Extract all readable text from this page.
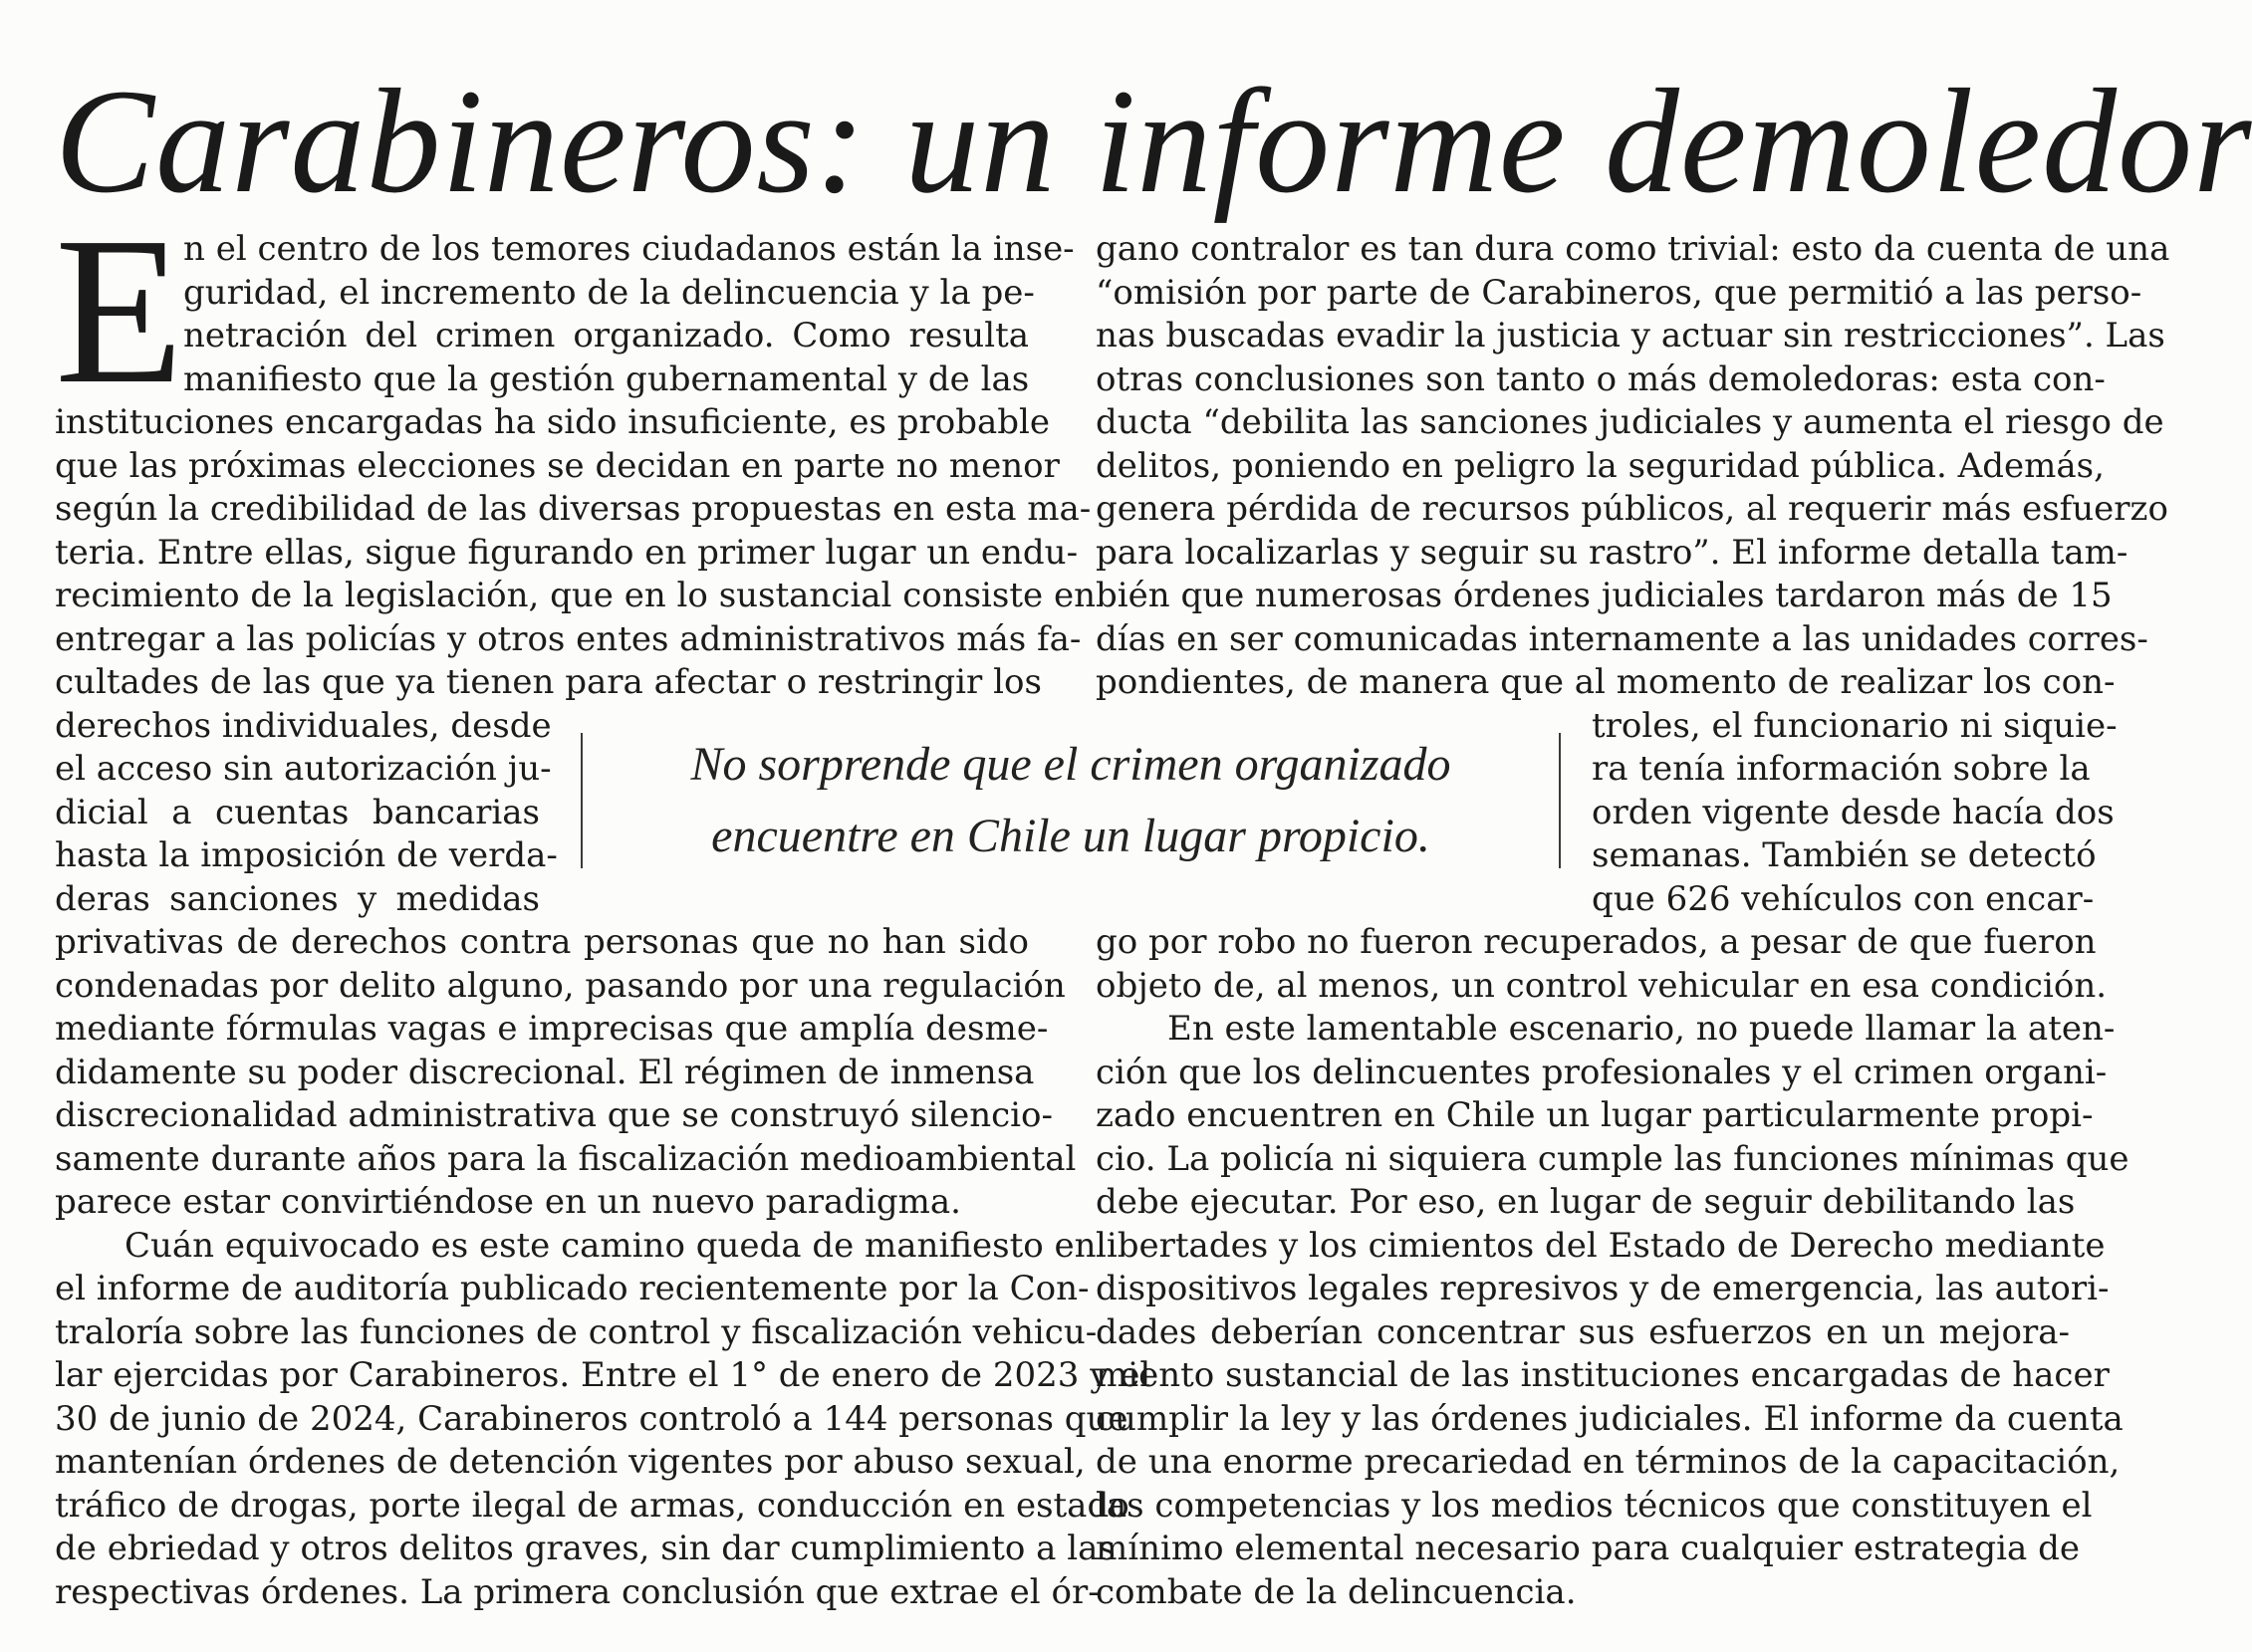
Carabineros: un informe demoledor
E
No sorprende que el crimen organizado
encuentre en Chile un lugar propicio.

n el centro de los temores ciudadanos están la inse-

guridad, el incremento de la delincuencia y la pe-

netración del crimen organizado. Como resulta

manifiesto que la gestión gubernamental y de las

instituciones encargadas ha sido insuficiente, es probable

que las próximas elecciones se decidan en parte no menor

según la credibilidad de las diversas propuestas en esta ma-

teria. Entre ellas, sigue figurando en primer lugar un endu-

recimiento de la legislación, que en lo sustancial consiste en

entregar a las policías y otros entes administrativos más fa-

cultades de las que ya tienen para afectar o restringir los

derechos individuales, desde

el acceso sin autorización ju-

dicial a cuentas bancarias

hasta la imposición de verda-

deras sanciones y medidas

privativas de derechos contra personas que no han sido

condenadas por delito alguno, pasando por una regulación

mediante fórmulas vagas e imprecisas que amplía desme-

didamente su poder discrecional. El régimen de inmensa

discrecionalidad administrativa que se construyó silencio-

samente durante años para la fiscalización medioambiental

parece estar convirtiéndose en un nuevo paradigma.

Cuán equivocado es este camino queda de manifiesto en

el informe de auditoría publicado recientemente por la Con-

traloría sobre las funciones de control y fiscalización vehicu-

lar ejercidas por Carabineros. Entre el 1° de enero de 2023 y el

30 de junio de 2024, Carabineros controló a 144 personas que

mantenían órdenes de detención vigentes por abuso sexual,

tráfico de drogas, porte ilegal de armas, conducción en estado

de ebriedad y otros delitos graves, sin dar cumplimiento a las

respectivas órdenes. La primera conclusión que extrae el ór-

gano contralor es tan dura como trivial: esto da cuenta de una

“omisión por parte de Carabineros, que permitió a las perso-

nas buscadas evadir la justicia y actuar sin restricciones”. Las

otras conclusiones son tanto o más demoledoras: esta con-

ducta “debilita las sanciones judiciales y aumenta el riesgo de

delitos, poniendo en peligro la seguridad pública. Además,

genera pérdida de recursos públicos, al requerir más esfuerzo

para localizarlas y seguir su rastro”. El informe detalla tam-

bién que numerosas órdenes judiciales tardaron más de 15

días en ser comunicadas internamente a las unidades corres-

pondientes, de manera que al momento de realizar los con-

troles, el funcionario ni siquie-

ra tenía información sobre la

orden vigente desde hacía dos

semanas. También se detectó

que 626 vehículos con encar-

go por robo no fueron recuperados, a pesar de que fueron

objeto de, al menos, un control vehicular en esa condición.

En este lamentable escenario, no puede llamar la aten-

ción que los delincuentes profesionales y el crimen organi-

zado encuentren en Chile un lugar particularmente propi-

cio. La policía ni siquiera cumple las funciones mínimas que

debe ejecutar. Por eso, en lugar de seguir debilitando las

libertades y los cimientos del Estado de Derecho mediante

dispositivos legales represivos y de emergencia, las autori-

dades deberían concentrar sus esfuerzos en un mejora-

miento sustancial de las instituciones encargadas de hacer

cumplir la ley y las órdenes judiciales. El informe da cuenta

de una enorme precariedad en términos de la capacitación,

las competencias y los medios técnicos que constituyen el

mínimo elemental necesario para cualquier estrategia de

combate de la delincuencia.
